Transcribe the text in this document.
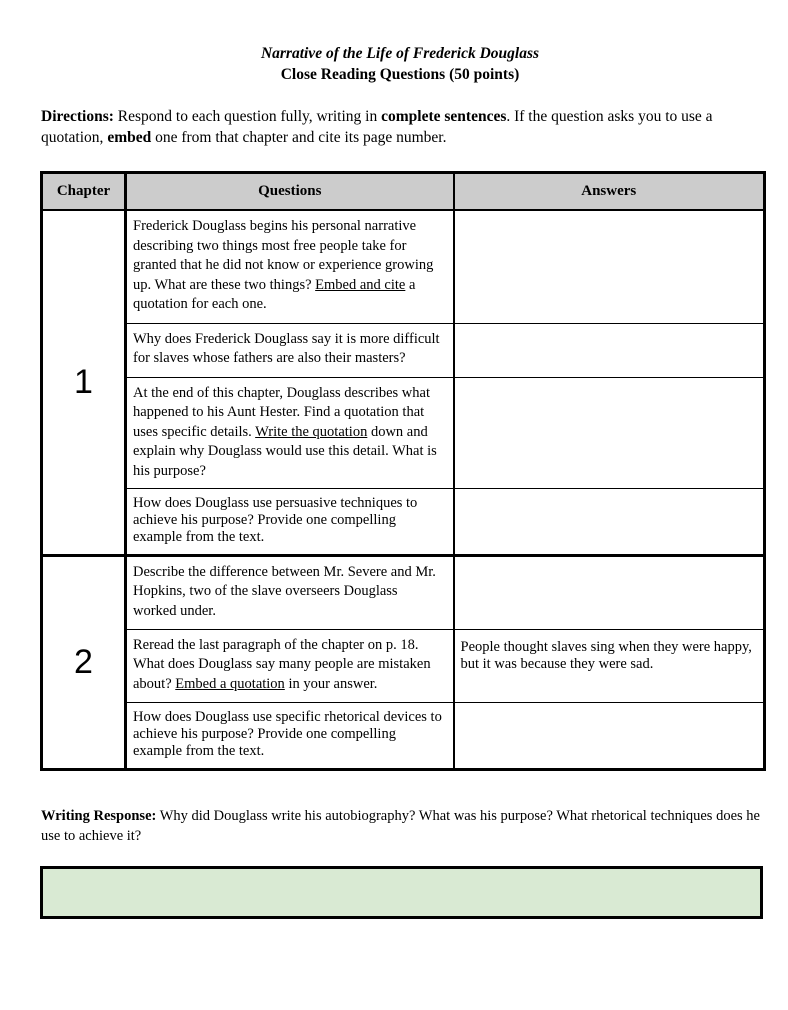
Narrative of the Life of Frederick Douglass
Close Reading Questions (50 points)
Directions: Respond to each question fully, writing in complete sentences. If the question asks you to use a quotation, embed one from that chapter and cite its page number.
Chapter	Questions	Answers
1	Frederick Douglass begins his personal narrative describing two things most free people take for granted that he did not know or experience growing up. What are these two things? Embed and cite a quotation for each one.	
	Why does Frederick Douglass say it is more difficult for slaves whose fathers are also their masters?	
	At the end of this chapter, Douglass describes what happened to his Aunt Hester. Find a quotation that uses specific details. Write the quotation down and explain why Douglass would use this detail. What is his purpose?	
	How does Douglass use persuasive techniques to achieve his purpose? Provide one compelling example from the text.	
2	Describe the difference between Mr. Severe and Mr. Hopkins, two of the slave overseers Douglass worked under.	
	Reread the last paragraph of the chapter on p. 18. What does Douglass say many people are mistaken about? Embed a quotation in your answer.	People thought slaves sing when they were happy, but it was because they were sad.
	How does Douglass use specific rhetorical devices to achieve his purpose? Provide one compelling example from the text.	
Writing Response: Why did Douglass write his autobiography? What was his purpose? What rhetorical techniques does he use to achieve it?
